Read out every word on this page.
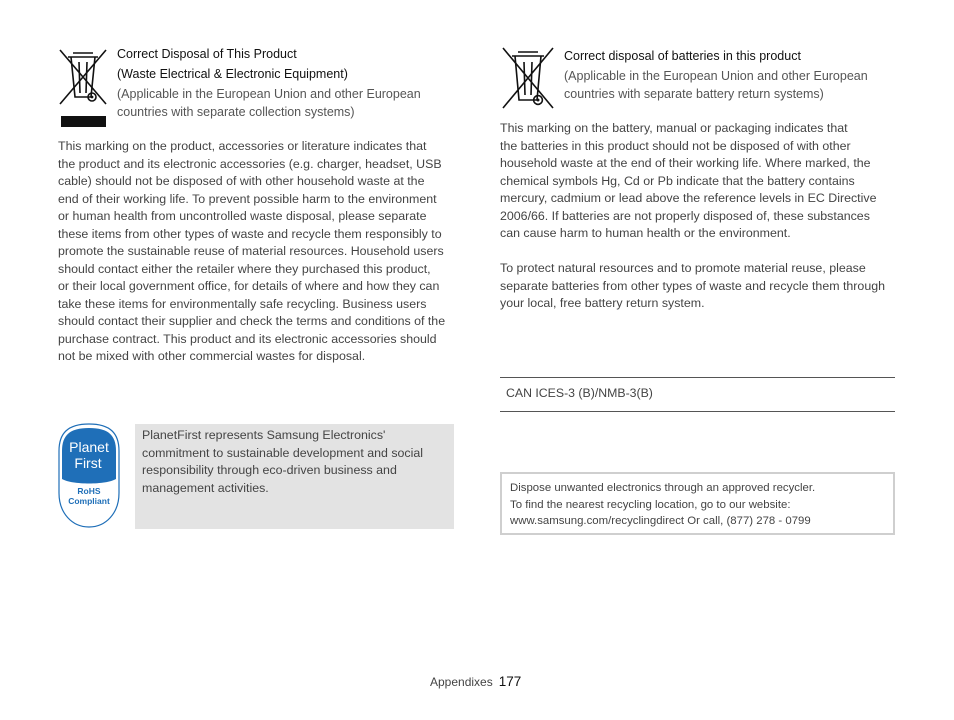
Correct Disposal of This Product
(Waste Electrical & Electronic Equipment)
(Applicable in the European Union and other European
countries with separate collection systems)

This marking on the product, accessories or literature indicates that

the product and its electronic accessories (e.g. charger, headset, USB

cable) should not be disposed of with other household waste at the

end of their working life. To prevent possible harm to the environment

or human health from uncontrolled waste disposal, please separate

these items from other types of waste and recycle them responsibly to

promote the sustainable reuse of material resources. Household users

should contact either the retailer where they purchased this product,

or their local government office, for details of where and how they can

take these items for environmentally safe recycling. Business users

should contact their supplier and check the terms and conditions of the

purchase contract. This product and its electronic accessories should

not be mixed with other commercial wastes for disposal.

Correct disposal of batteries in this product
(Applicable in the European Union and other European
countries with separate battery return systems)

This marking on the battery, manual or packaging indicates that

the batteries in this product should not be disposed of with other

household waste at the end of their working life. Where marked, the

chemical symbols Hg, Cd or Pb indicate that the battery contains

mercury, cadmium or lead above the reference levels in EC Directive

2006/66. If batteries are not properly disposed of, these substances

can cause harm to human health or the environment.

To protect natural resources and to promote material reuse, please

separate batteries from other types of waste and recycle them through

your local, free battery return system.

CAN ICES-3 (B)/NMB-3(B)
Planet
First
RoHS
Compliant
PlanetFirst represents Samsung Electronics'
commitment to sustainable development and social
responsibility through eco-driven business and
management activities.	Dispose unwanted electronics through an approved recycler.
To find the nearest recycling location, go to our website:
www.samsung.com/recyclingdirect Or call, (877) 278 - 0799
Appendixes 177
